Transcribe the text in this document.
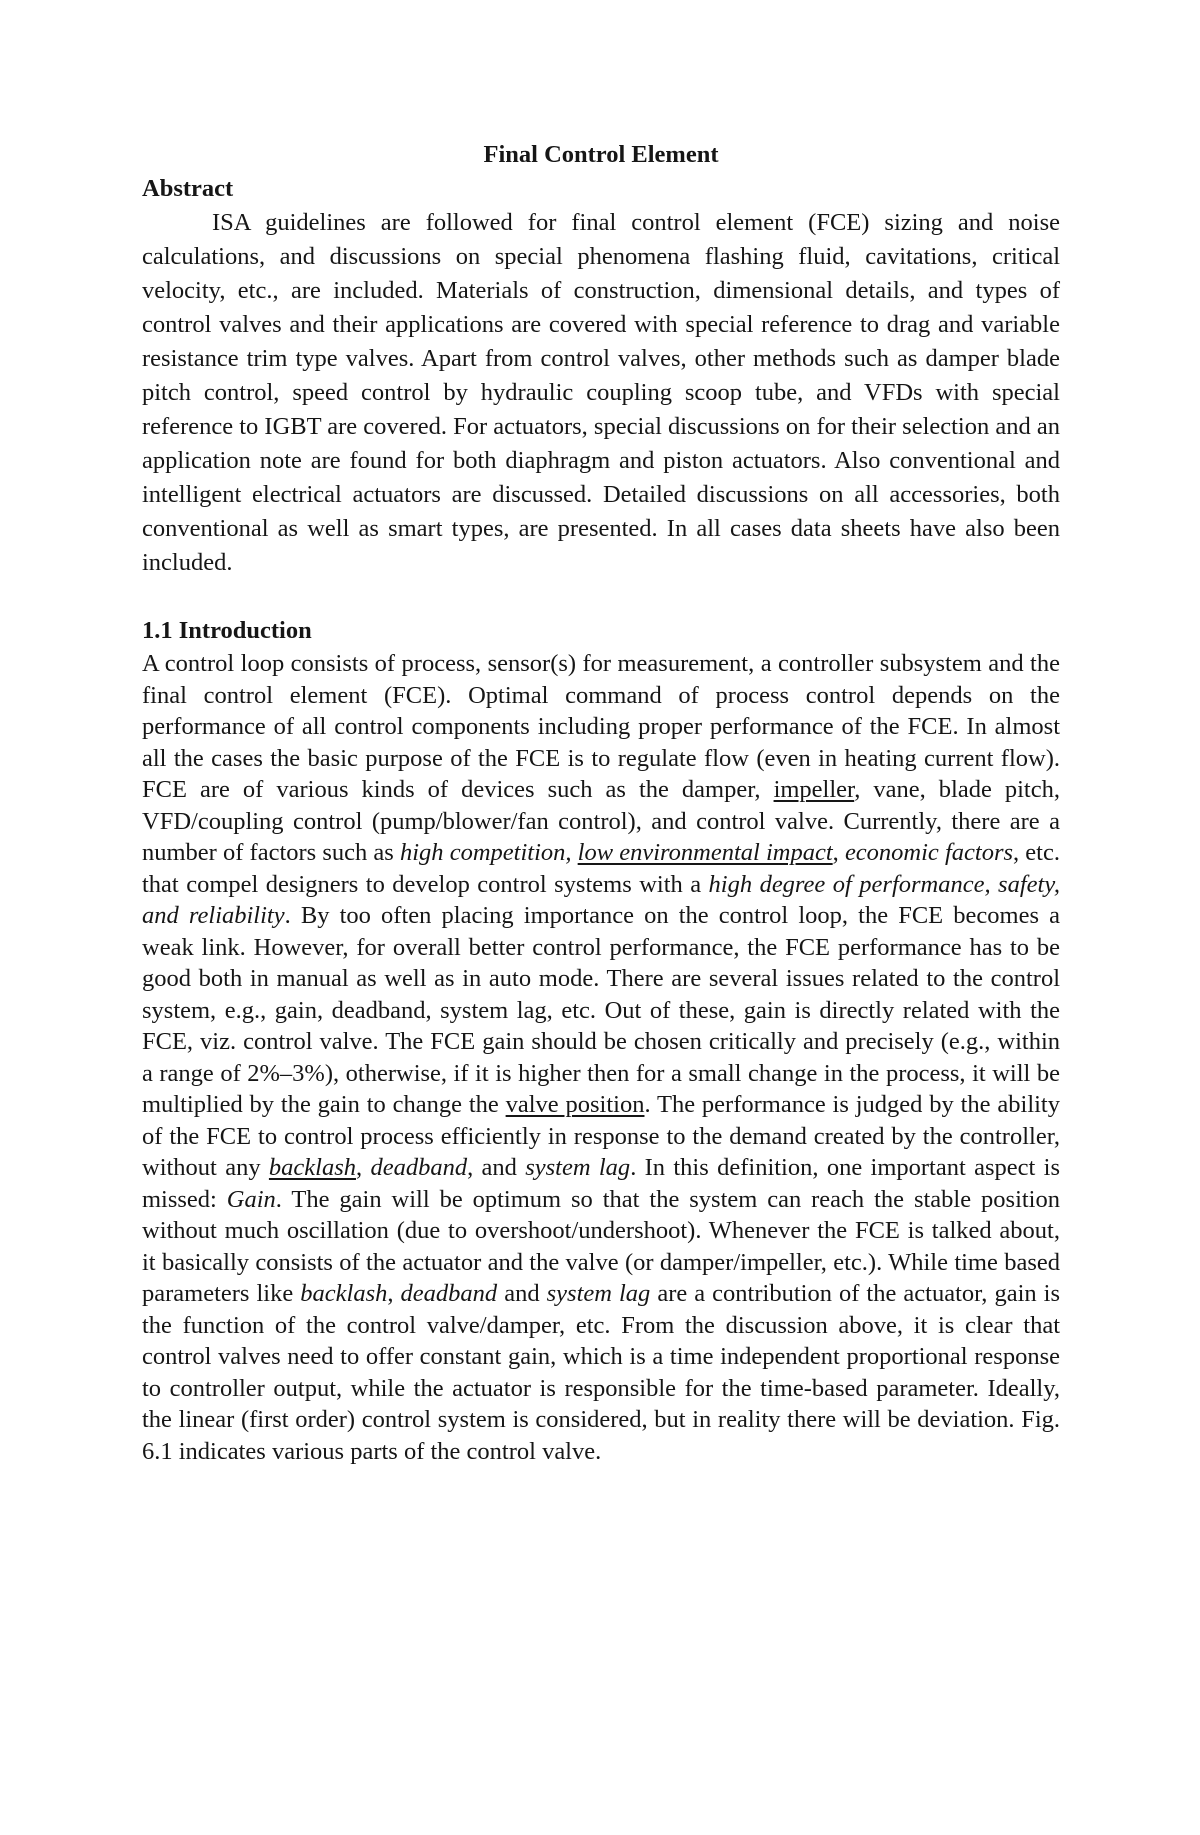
Final Control Element
Abstract

ISA guidelines are followed for final control element (FCE) sizing and noise calculations, and discussions on special phenomena flashing fluid, cavitations, critical velocity, etc., are included. Materials of construction, dimensional details, and types of control valves and their applications are covered with special reference to drag and variable resistance trim type valves. Apart from control valves, other methods such as damper blade pitch control, speed control by hydraulic coupling scoop tube, and VFDs with special reference to IGBT are covered. For actuators, special discussions on for their selection and an application note are found for both diaphragm and piston actuators. Also conventional and intelligent electrical actuators are discussed. Detailed discussions on all accessories, both conventional as well as smart types, are presented. In all cases data sheets have also been included.

1.1 Introduction

A control loop consists of process, sensor(s) for measurement, a controller subsystem and the final control element (FCE). Optimal command of process control depends on the performance of all control components including proper performance of the FCE. In almost all the cases the basic purpose of the FCE is to regulate flow (even in heating current flow). FCE are of various kinds of devices such as the damper, impeller, vane, blade pitch, VFD/coupling control (pump/blower/fan control), and control valve. Currently, there are a number of factors such as high competition, low environmental impact, economic factors, etc. that compel designers to develop control systems with a high degree of performance, safety, and reliability. By too often placing importance on the control loop, the FCE becomes a weak link. However, for overall better control performance, the FCE performance has to be good both in manual as well as in auto mode. There are several issues related to the control system, e.g., gain, deadband, system lag, etc. Out of these, gain is directly related with the FCE, viz. control valve. The FCE gain should be chosen critically and precisely (e.g., within a range of 2%–3%), otherwise, if it is higher then for a small change in the process, it will be multiplied by the gain to change the valve position. The performance is judged by the ability of the FCE to control process efficiently in response to the demand created by the controller, without any backlash, deadband, and system lag. In this definition, one important aspect is missed: Gain. The gain will be optimum so that the system can reach the stable position without much oscillation (due to overshoot/undershoot). Whenever the FCE is talked about, it basically consists of the actuator and the valve (or damper/impeller, etc.). While time based parameters like backlash, deadband and system lag are a contribution of the actuator, gain is the function of the control valve/damper, etc. From the discussion above, it is clear that control valves need to offer constant gain, which is a time independent proportional response to controller output, while the actuator is responsible for the time-based parameter. Ideally, the linear (first order) control system is considered, but in reality there will be deviation. Fig. 6.1 indicates various parts of the control valve.
